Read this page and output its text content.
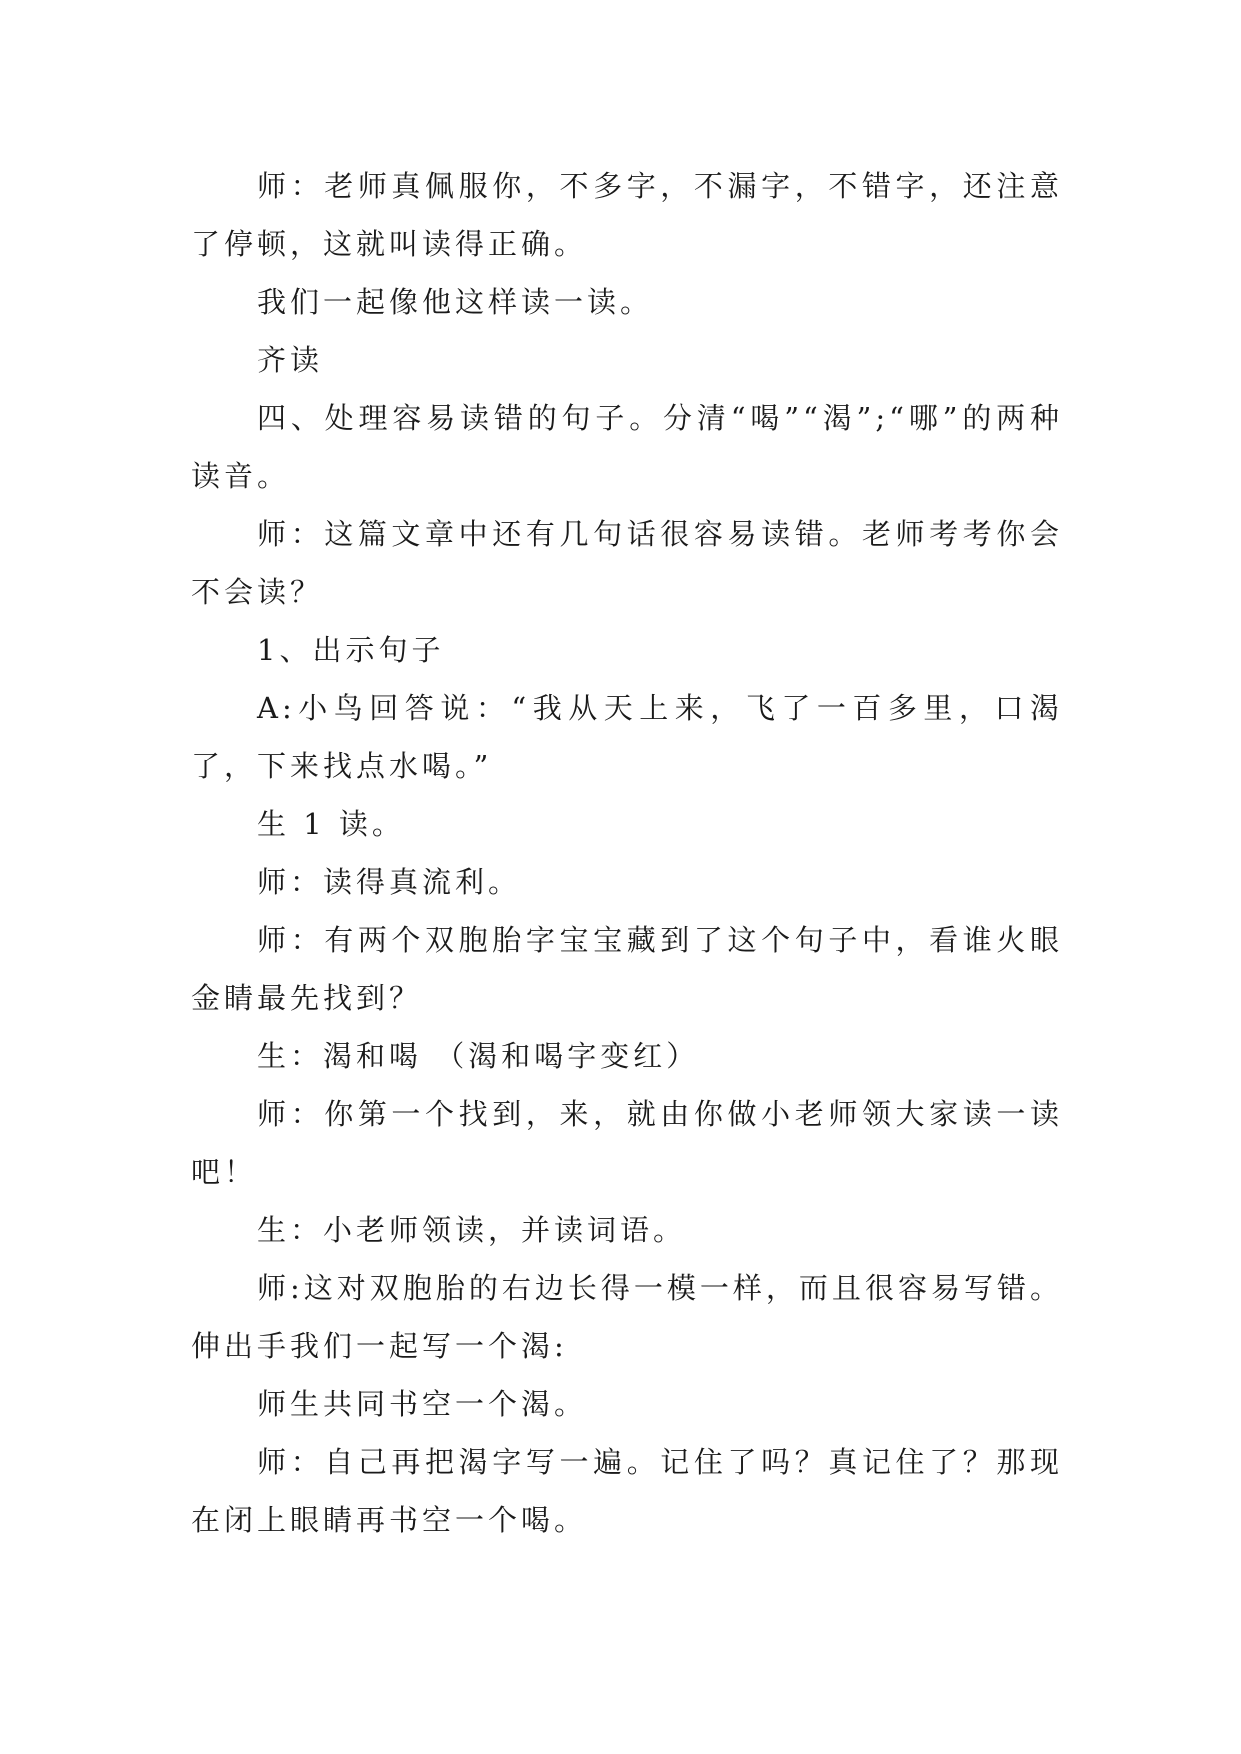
师：老师真佩服你，不多字，不漏字，不错字，还注意了停顿，这就叫读得正确。

我们一起像他这样读一读。

齐读

四、处理容易读错的句子。分清“喝”“渴”;“哪”的两种读音。

师：这篇文章中还有几句话很容易读错。老师考考你会不会读？

1、出示句子

A:小鸟回答说：“我从天上来，飞了一百多里，口渴了，下来找点水喝。”

生 1 读。

师：读得真流利。

师：有两个双胞胎字宝宝藏到了这个句子中，看谁火眼金睛最先找到？

生：渴和喝 （渴和喝字变红）

师：你第一个找到，来，就由你做小老师领大家读一读吧！

生：小老师领读，并读词语。

师:这对双胞胎的右边长得一模一样，而且很容易写错。伸出手我们一起写一个渴:

师生共同书空一个渴。

师：自己再把渴字写一遍。记住了吗？真记住了？那现在闭上眼睛再书空一个喝。
